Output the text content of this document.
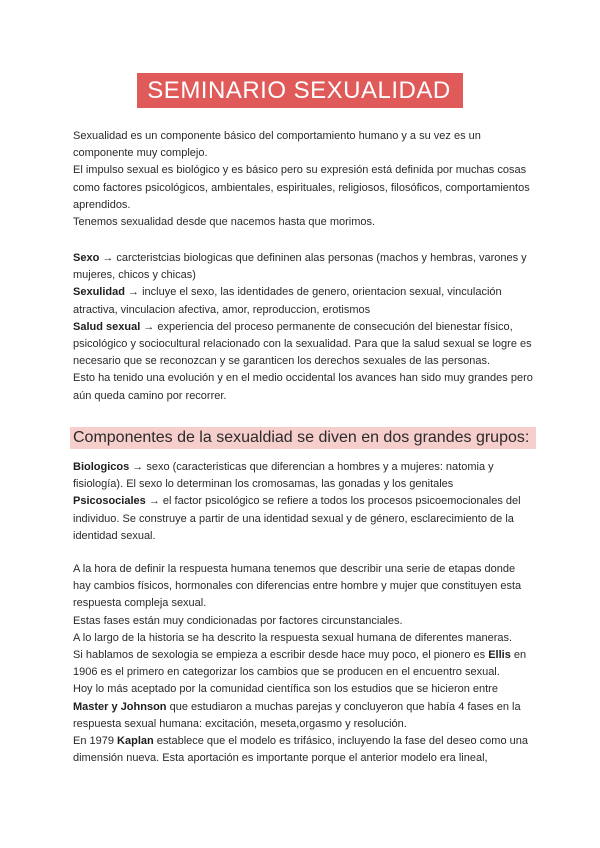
SEMINARIO SEXUALIDAD

Sexualidad es un componente básico del comportamiento humano y a su vez es un componente muy complejo.

El impulso sexual es biológico y es básico pero su expresión está definida por muchas cosas como factores psicológicos, ambientales, espirituales, religiosos, filosóficos, comportamientos aprendidos.

Tenemos sexualidad desde que nacemos hasta que morimos.

Sexo → carcteristcias biologicas que defininen alas personas (machos y hembras, varones y mujeres, chicos y chicas)

Sexulidad → incluye el sexo, las identidades de genero, orientacion sexual, vinculación atractiva, vinculacion afectiva, amor, reproduccion, erotismos

Salud sexual → experiencia del proceso permanente de consecución del bienestar físico, psicológico y sociocultural relacionado con la sexualidad. Para que la salud sexual se logre es necesario que se reconozcan y se garanticen los derechos sexuales de las personas.

Esto ha tenido una evolución y en el medio occidental los avances han sido muy grandes pero aún queda camino por recorrer.

Componentes de la sexualdiad se diven en dos grandes grupos:

Biologicos → sexo (caracteristicas que diferencian a hombres y a mujeres: natomia y fisiología). El sexo lo determinan los cromosamas, las gonadas y los genitales

Psicosociales → el factor psicológico se refiere a todos los procesos psicoemocionales del individuo. Se construye a partir de una identidad sexual y de género, esclarecimiento de la identidad sexual.

A la hora de definir la respuesta humana tenemos que describir una serie de etapas donde hay cambios físicos, hormonales con diferencias entre hombre y mujer que constituyen esta respuesta compleja sexual.

Estas fases están muy condicionadas por factores circunstanciales.

A lo largo de la historia se ha descrito la respuesta sexual humana de diferentes maneras.

Si hablamos de sexologia se empieza a escribir desde hace muy poco, el pionero es Ellis en 1906 es el primero en categorizar los cambios que se producen en el encuentro sexual.

Hoy lo más aceptado por la comunidad científica son los estudios que se hicieron entre Master y Johnson que estudiaron a muchas parejas y concluyeron que había 4 fases en la respuesta sexual humana: excitación, meseta,orgasmo y resolución.

En 1979 Kaplan establece que el modelo es trifásico, incluyendo la fase del deseo como una dimensión nueva. Esta aportación es importante porque el anterior modelo era lineal,
